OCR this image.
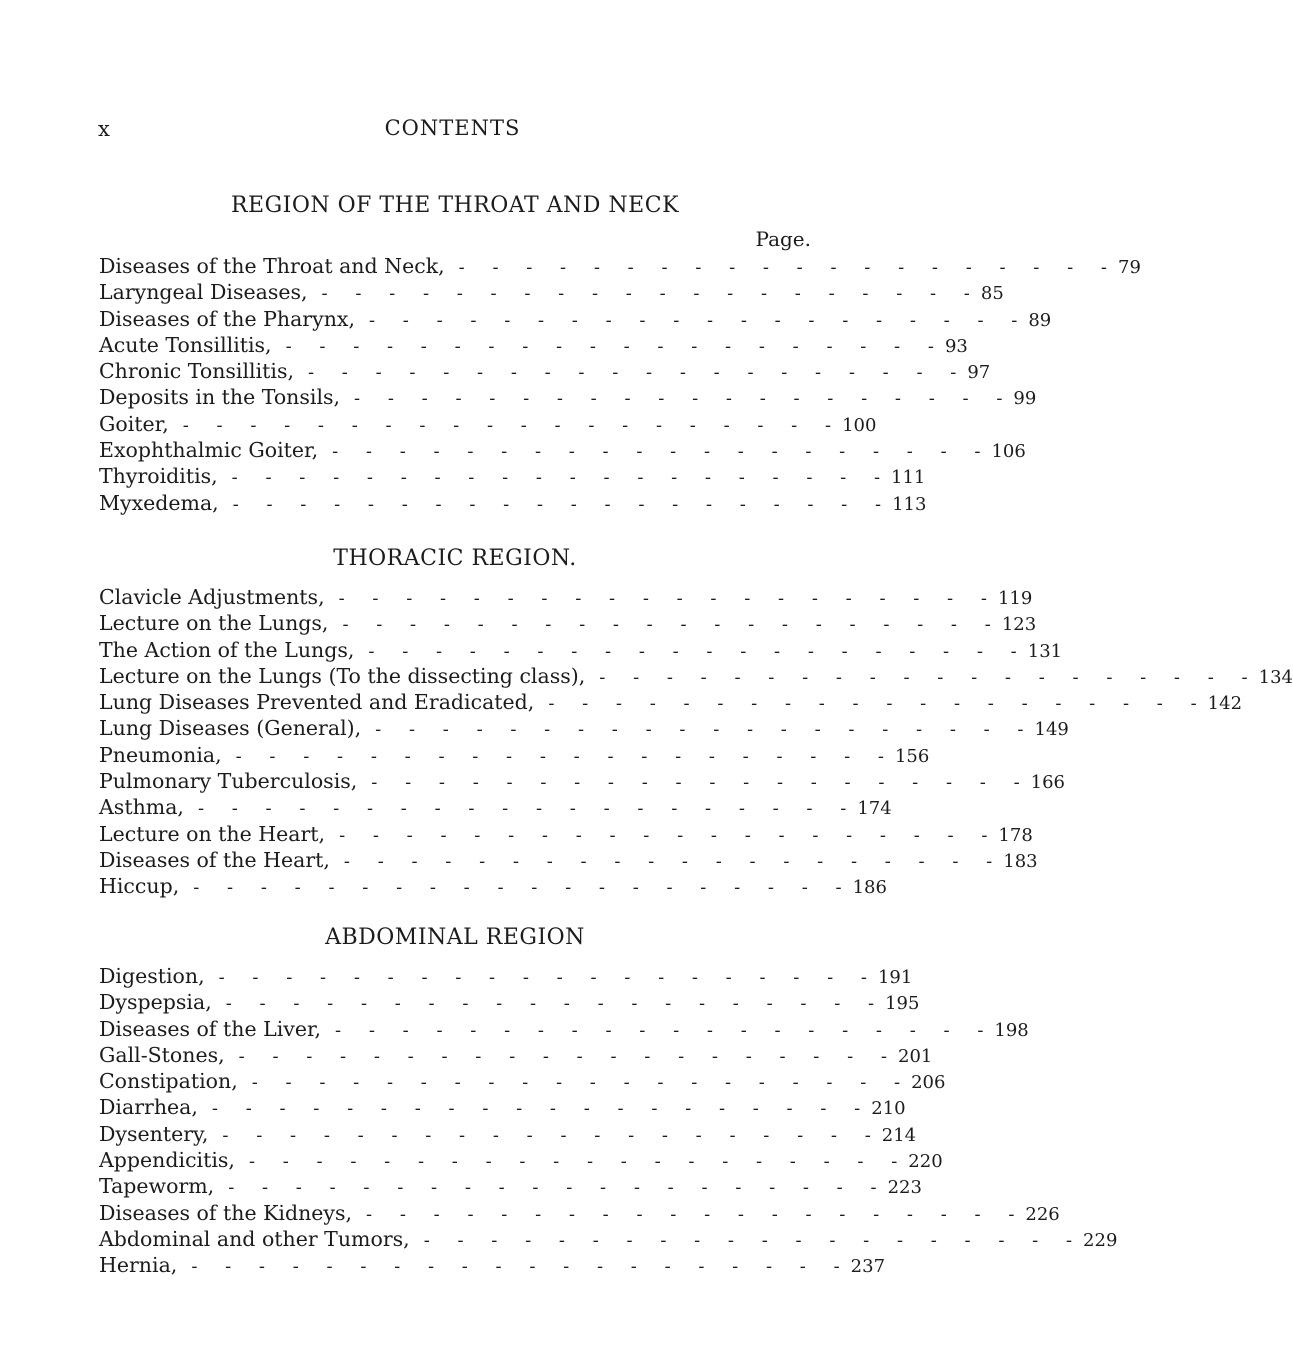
x	CONTENTS
REGION OF THE THROAT AND NECK
Page.
Diseases of the Throat and Neck, - - - - - - - - - - - - - - - - - - - - 79
Laryngeal Diseases, - - - - - - - - - - - - - - - - - - - - 85
Diseases of the Pharynx, - - - - - - - - - - - - - - - - - - - - 89
Acute Tonsillitis, - - - - - - - - - - - - - - - - - - - - 93
Chronic Tonsillitis, - - - - - - - - - - - - - - - - - - - - 97
Deposits in the Tonsils, - - - - - - - - - - - - - - - - - - - - 99
Goiter, - - - - - - - - - - - - - - - - - - - - 100
Exophthalmic Goiter, - - - - - - - - - - - - - - - - - - - - 106
Thyroiditis, - - - - - - - - - - - - - - - - - - - - 111
Myxedema, - - - - - - - - - - - - - - - - - - - - 113
THORACIC REGION.
Clavicle Adjustments, - - - - - - - - - - - - - - - - - - - - 119
Lecture on the Lungs, - - - - - - - - - - - - - - - - - - - - 123
The Action of the Lungs, - - - - - - - - - - - - - - - - - - - - 131
Lecture on the Lungs (To the dissecting class), - - - - - - - - - - - - - - - - - - - - 134
Lung Diseases Prevented and Eradicated, - - - - - - - - - - - - - - - - - - - - 142
Lung Diseases (General), - - - - - - - - - - - - - - - - - - - - 149
Pneumonia, - - - - - - - - - - - - - - - - - - - - 156
Pulmonary Tuberculosis, - - - - - - - - - - - - - - - - - - - - 166
Asthma, - - - - - - - - - - - - - - - - - - - - 174
Lecture on the Heart, - - - - - - - - - - - - - - - - - - - - 178
Diseases of the Heart, - - - - - - - - - - - - - - - - - - - - 183
Hiccup, - - - - - - - - - - - - - - - - - - - - 186
ABDOMINAL REGION
Digestion, - - - - - - - - - - - - - - - - - - - - 191
Dyspepsia, - - - - - - - - - - - - - - - - - - - - 195
Diseases of the Liver, - - - - - - - - - - - - - - - - - - - - 198
Gall-Stones, - - - - - - - - - - - - - - - - - - - - 201
Constipation, - - - - - - - - - - - - - - - - - - - - 206
Diarrhea, - - - - - - - - - - - - - - - - - - - - 210
Dysentery, - - - - - - - - - - - - - - - - - - - - 214
Appendicitis, - - - - - - - - - - - - - - - - - - - - 220
Tapeworm, - - - - - - - - - - - - - - - - - - - - 223
Diseases of the Kidneys, - - - - - - - - - - - - - - - - - - - - 226
Abdominal and other Tumors, - - - - - - - - - - - - - - - - - - - - 229
Hernia, - - - - - - - - - - - - - - - - - - - - 237
